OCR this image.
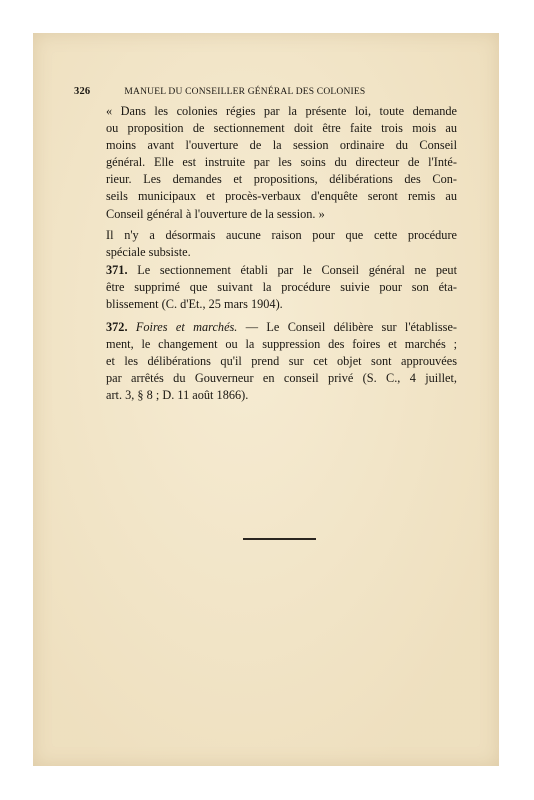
326	MANUEL DU CONSEILLER GÉNÉRAL DES COLONIES
« Dans les colonies régies par la présente loi, toute demande
ou proposition de sectionnement doit être faite trois mois au
moins avant l'ouverture de la session ordinaire du Conseil
général. Elle est instruite par les soins du directeur de l'Inté-
rieur. Les demandes et propositions, délibérations des Con-
seils municipaux et procès-verbaux d'enquête seront remis au
Conseil général à l'ouverture de la session. »
Il n'y a désormais aucune raison pour que cette procédure
spéciale subsiste.
371. Le sectionnement établi par le Conseil général ne peut
être supprimé que suivant la procédure suivie pour son éta-
blissement (C. d'Et., 25 mars 1904).
372. Foires et marchés. — Le Conseil délibère sur l'établisse-
ment, le changement ou la suppression des foires et marchés ;
et les délibérations qu'il prend sur cet objet sont approuvées
par arrêtés du Gouverneur en conseil privé (S. C., 4 juillet,
art. 3, § 8 ; D. 11 août 1866).
